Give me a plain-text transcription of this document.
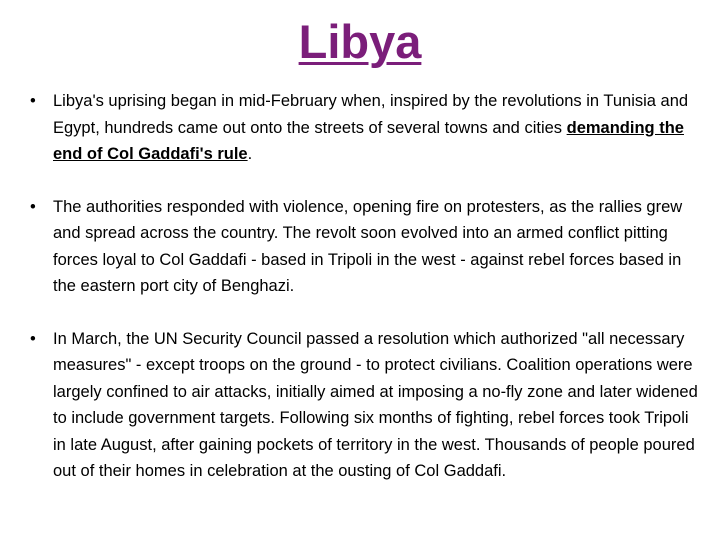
Libya
• Libya's uprising began in mid-February when, inspired by the revolutions in Tunisia and Egypt, hundreds came out onto the streets of several towns and cities demanding the end of Col Gaddafi's rule.
• The authorities responded with violence, opening fire on protesters, as the rallies grew and spread across the country. The revolt soon evolved into an armed conflict pitting forces loyal to Col Gaddafi - based in Tripoli in the west - against rebel forces based in the eastern port city of Benghazi.
• In March, the UN Security Council passed a resolution which authorized "all necessary measures" - except troops on the ground - to protect civilians. Coalition operations were largely confined to air attacks, initially aimed at imposing a no-fly zone and later widened to include government targets. Following six months of fighting, rebel forces took Tripoli in late August, after gaining pockets of territory in the west. Thousands of people poured out of their homes in celebration at the ousting of Col Gaddafi.
